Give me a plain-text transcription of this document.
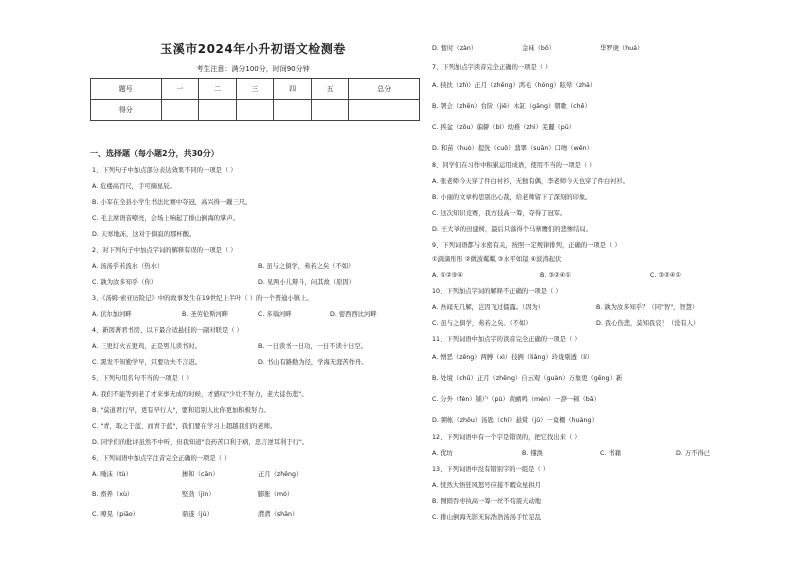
玉溪市2024年小升初语文检测卷
考生注意：满分100分，时间90分钟
题号	一	二	三	四	五	总分
得分						
一、选择题（每小题2分，共30分）
1、下列句子中加点部分表达效果不同的一项是（ ）
A. 危楼高百尺，手可摘星辰。
B. 小军在全县小学生书法比赛中夺冠，高兴得一蹦三尺。
C. 毛主席语音嘹亮，会场上响起了排山倒海的掌声。
D. 天寒地冻，这对于俱寂的那杯酸。
2、对下列句子中加点字词的解释有误的一项是（ ）
A. 汤汤乎若流水（热水）	B. 虽与之俱学，弗若之矣（不如）
C. 孰为汝多知乎（你）	D. 见两小儿辩斗，问其故（原因）
3、《汤姆·索亚历险记》中的故事发生在19世纪上半叶（ ）的一个普通小镇上。
A. 伏尔加河畔	B. 圣劳伦斯河畔	C. 多瑙河畔	D. 密西西比河畔
4、新図著君书房，以下最合适悬挂的一副对联是（ ）
A. 三更灯火五更鸡，正是男儿读书时。	B. 一日读书一日功，一日不读十日空。
C. 黑发不知勤学早，只要功夫不言迟。	D. 书山有路勤为径，学海无涯苦作舟。
5、下列句用名句不当的一项是（ ）
A. 我们不能等到老了才来事无成的时候，才感叹"少壮不努力，老大徒伤悲"。
B. "莫道君行早，更有早行人"，要和追别人比你更加积极努力。
C. "青，取之于蓝，而青于蓝"，我们要在学习上超越我们的老师。
D. 同学们的批评虽然不中听，但我知道"良药苦口利于病，忠言逆耳利于行"。
6、下列词语中加点字注音完全正确的一项是（ ）
A. 唾沫（tù）	掺和（cān）	正月（zhēng）
B. 畜养（xù）	堅劲（jìn）	膨胀（mó）
C. 嘹晃（piāo）	鼎遂（jù）	潸潸（shān）
D. 暂时（zàn）	金袜（bō）	华罗庚（huá）
7、下列加点字读音完全正确的一项是（ ）
A. 挟扶（zhì）正月（zhēng）鸿毛（hóng）眩晕（zhā）
B. 署会（zhēn）台阶（jiē）木缸（gāng）朝歌（chē）
C. 挨盆（zōu）偏僻（bì）幼稚（zhì）芜麗（pū）
D. 和苗（huò）提洗（cuō）翡翠（suān）口吻（wěn）
8、同学们在习作中积累运用成语，使用不当的一项是（ ）
A. 张老师今天穿了件白衬衫，无独有偶，李老师今天也穿了件白衬衫。
B. 小丽的文章构思别出心裁，给老师留下了深刻的印象。
C. 这次知识竞赛，我方技高一筹，夺得了冠军。
D. 王大爷的田建树，最后只落得个马寨鹰们的悲惨结局。
9、下列词语都与水密有关，按照一定规律排列，正确的一项是（ ）
①滴滴彤彤 ②微波粼粼 ③水平如镜 ④波涛起伏
A. ①②③④	B. ③②④①	C. ③②④①
10、下列加点字词的解释不正确的一项是（ ）
A. 吾闻无几解，岂因飞过擂露。（因为）	B. 孰为汝多知乎？（同"智"，智慧）
C. 虽与之俱学，弗若之矣。（不如）	D. 我心伤悲，莫知我哀！（没有人）
11、下列词语中加点字的读音完全正确的一项是（ ）
A. 憎恶（zēng）两膊（xì）技俩（liǎng）玲珑剔透（lí）
B. 处境（chǔ）正月（zhēng）自云观（guàn）万象更（gēng）新
C. 分外（fèn）铺户（pù）黄鹂鸣（mén）一辞一顿（bā）
D. 粥帐（zhōu）汤匙（chí）悬赏（jū）一竟棚（huàng）
12、下列词语中有一个字是错误的，把它找出来（ ）
A. 优坊	B. 懂涣	C. 书籍	D. 万不得已
13、下列词语中没有错别字的一组是（ ）
A. 恍然大悟狂风怒号应接不暇众星拱月
B. 囫囵吞枣执高一筹一丝不苟震天动地
C. 排山倒海无影无际浩浩汤汤手忙足乱
